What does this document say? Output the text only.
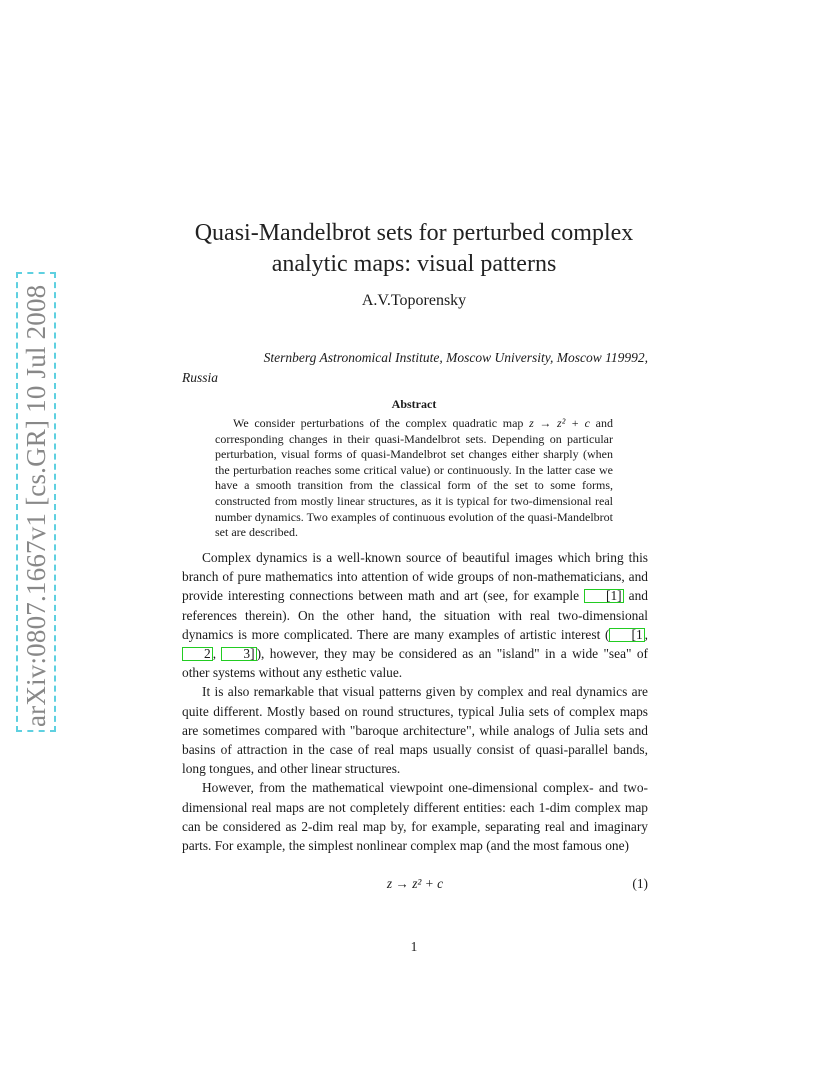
arXiv:0807.1667v1 [cs.GR] 10 Jul 2008
Quasi-Mandelbrot sets for perturbed complex
analytic maps: visual patterns
A.V.Toporensky
Sternberg Astronomical Institute, Moscow University, Moscow 119992,
Russia
Abstract
We consider perturbations of the complex quadratic map z → z² + c and corresponding changes in their quasi-Mandelbrot sets. Depending on particular perturbation, visual forms of quasi-Mandelbrot set changes either sharply (when the perturbation reaches some critical value) or continuously. In the latter case we have a smooth transition from the classical form of the set to some forms, constructed from mostly linear structures, as it is typical for two-dimensional real number dynamics. Two examples of continuous evolution of the quasi-Mandelbrot set are described.

Complex dynamics is a well-known source of beautiful images which bring this branch of pure mathematics into attention of wide groups of non-mathematicians, and provide interesting connections between math and art (see, for example [1] and references therein). On the other hand, the situation with real two-dimensional dynamics is more complicated. There are many examples of artistic interest ( [1 , 2 , 3] ), however, they may be considered as an "island" in a wide "sea" of other systems without any esthetic value.

It is also remarkable that visual patterns given by complex and real dynamics are quite different. Mostly based on round structures, typical Julia sets of complex maps are sometimes compared with "baroque architecture", while analogs of Julia sets and basins of attraction in the case of real maps usually consist of quasi-parallel bands, long tongues, and other linear structures.

However, from the mathematical viewpoint one-dimensional complex- and two-dimensional real maps are not completely different entities: each 1-dim complex map can be considered as 2-dim real map by, for example, separating real and imaginary parts. For example, the simplest nonlinear complex map (and the most famous one)

z → z² + c	(1)
1
